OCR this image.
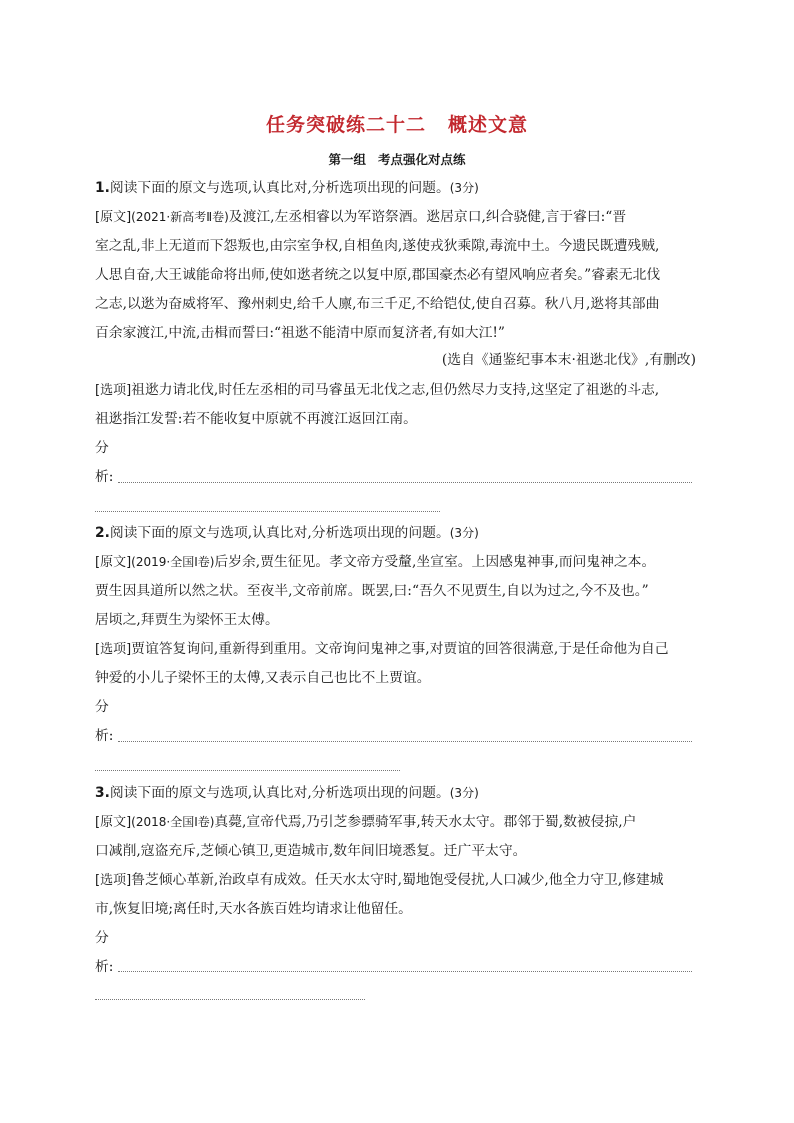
任务突破练二十二 概述文意
第一组 考点强化对点练
1.阅读下面的原文与选项,认真比对,分析选项出现的问题。(3分)
[原文](2021·新高考Ⅱ卷)及渡江,左丞相睿以为军谘祭酒。逖居京口,纠合骁健,言于睿曰:“晋
室之乱,非上无道而下怨叛也,由宗室争权,自相鱼肉,遂使戎狄乘隙,毒流中土。今遗民既遭残贼,
人思自奋,大王诚能命将出师,使如逖者统之以复中原,郡国豪杰必有望风响应者矣。”睿素无北伐
之志,以逖为奋威将军、豫州刺史,给千人廪,布三千疋,不给铠仗,使自召募。秋八月,逖将其部曲
百余家渡江,中流,击楫而誓曰:“祖逖不能清中原而复济者,有如大江!”
(选自《通鉴纪事本末·祖逖北伐》,有删改)
[选项]祖逖力请北伐,时任左丞相的司马睿虽无北伐之志,但仍然尽力支持,这坚定了祖逖的斗志,
祖逖指江发誓:若不能收复中原就不再渡江返回江南。
分
析:
2.阅读下面的原文与选项,认真比对,分析选项出现的问题。(3分)
[原文](2019·全国Ⅰ卷)后岁余,贾生征见。孝文帝方受釐,坐宣室。上因感鬼神事,而问鬼神之本。
贾生因具道所以然之状。至夜半,文帝前席。既罢,曰:“吾久不见贾生,自以为过之,今不及也。”
居顷之,拜贾生为梁怀王太傅。
[选项]贾谊答复询问,重新得到重用。文帝询问鬼神之事,对贾谊的回答很满意,于是任命他为自己
钟爱的小儿子梁怀王的太傅,又表示自己也比不上贾谊。
分
析:
3.阅读下面的原文与选项,认真比对,分析选项出现的问题。(3分)
[原文](2018·全国Ⅰ卷)真薨,宣帝代焉,乃引芝参骠骑军事,转天水太守。郡邻于蜀,数被侵掠,户
口减削,寇盗充斥,芝倾心镇卫,更造城市,数年间旧境悉复。迁广平太守。
[选项]鲁芝倾心革新,治政卓有成效。任天水太守时,蜀地饱受侵扰,人口减少,他全力守卫,修建城
市,恢复旧境;离任时,天水各族百姓均请求让他留任。
分
析:
